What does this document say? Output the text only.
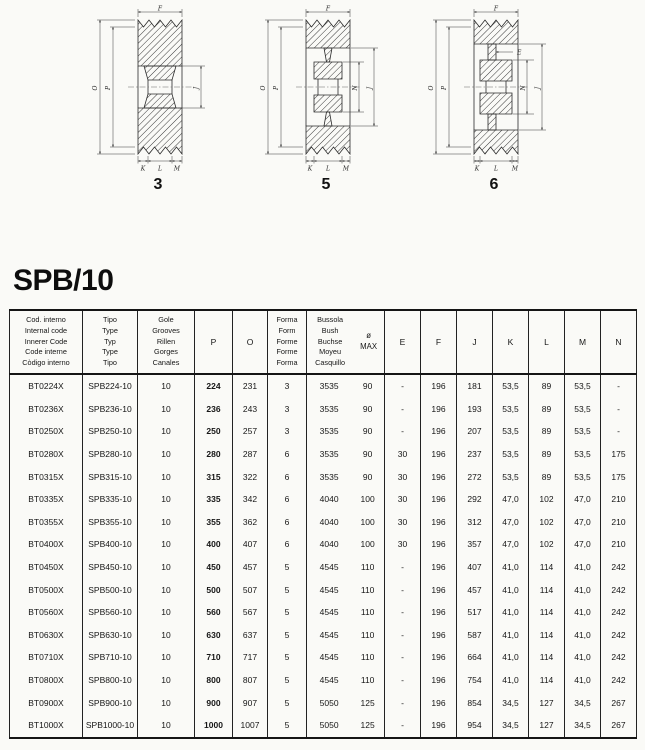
F
O P	J
K L M
3
F
O P	N J
K L M
5
F
O P
E
N J
K L M
6
SPB/10
Cod. interno
Internal code
Innerer Code
Code interne
Còdigo interno

Tipo
Type
Typ
Type
Tipo

Gole
Grooves
Rillen
Gorges
Canales
	P	O	
Forma
Form
Forme
Forme
Forma

Bussola
Bush
Buchse
Moyeu
Casquillo
ø
MAX	E	F	J	K	L	M	N
BT0224X	SPB224-10	10	224	231	3	3535 90	-	196	181	53,5	89	53,5	-
BT0236X	SPB236-10	10	236	243	3	3535 90	-	196	193	53,5	89	53,5	-
BT0250X	SPB250-10	10	250	257	3	3535 90	-	196	207	53,5	89	53,5	-
BT0280X	SPB280-10	10	280	287	6	3535 90	30	196	237	53,5	89	53,5	175
BT0315X	SPB315-10	10	315	322	6	3535 90	30	196	272	53,5	89	53,5	175
BT0335X	SPB335-10	10	335	342	6	4040 100	30	196	292	47,0	102	47,0	210
BT0355X	SPB355-10	10	355	362	6	4040 100	30	196	312	47,0	102	47,0	210
BT0400X	SPB400-10	10	400	407	6	4040 100	30	196	357	47,0	102	47,0	210
BT0450X	SPB450-10	10	450	457	5	4545 110	-	196	407	41,0	114	41,0	242
BT0500X	SPB500-10	10	500	507	5	4545 110	-	196	457	41,0	114	41,0	242
BT0560X	SPB560-10	10	560	567	5	4545 110	-	196	517	41,0	114	41,0	242
BT0630X	SPB630-10	10	630	637	5	4545 110	-	196	587	41,0	114	41,0	242
BT0710X	SPB710-10	10	710	717	5	4545 110	-	196	664	41,0	114	41,0	242
BT0800X	SPB800-10	10	800	807	5	4545 110	-	196	754	41,0	114	41,0	242
BT0900X	SPB900-10	10	900	907	5	5050 125	-	196	854	34,5	127	34,5	267
BT1000X	SPB1000-10	10	1000	1007	5	5050 125	-	196	954	34,5	127	34,5	267
